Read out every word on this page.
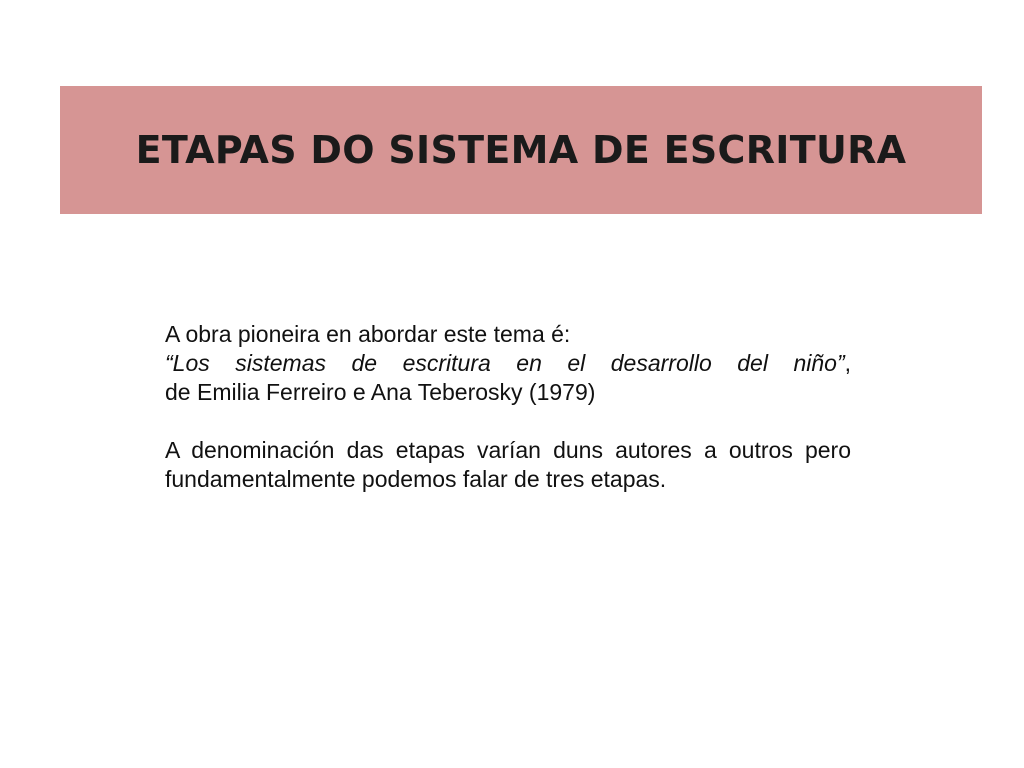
ETAPAS DO SISTEMA DE ESCRITURA

A obra pioneira en abordar este tema é:

“Los sistemas de escritura en el desarrollo del niño”,

de Emilia Ferreiro e Ana Teberosky (1979)

A denominación das etapas varían duns autores a outros pero fundamentalmente podemos falar de tres etapas.
